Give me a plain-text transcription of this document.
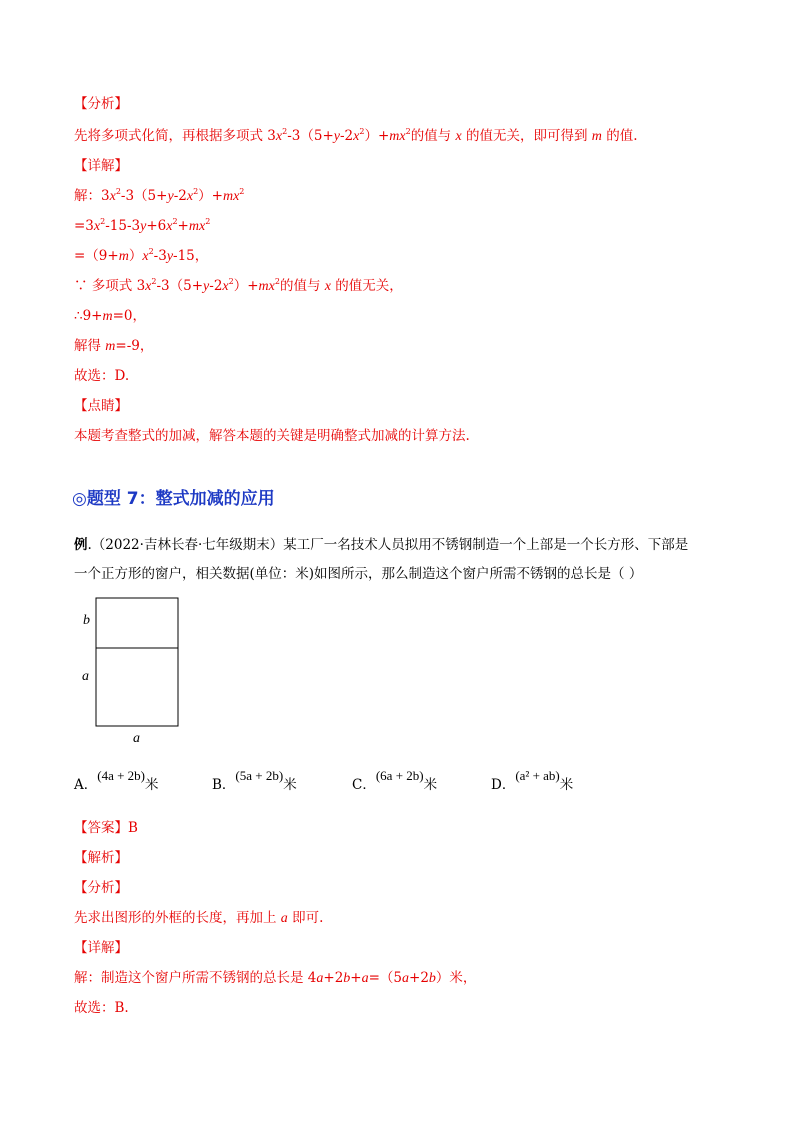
【分析】
先将多项式化简，再根据多项式 $3x^2-3(5+y-2x^2)+mx^2$的值与 x 的值无关，即可得到 m 的值.
【详解】
解：$3x^2-3(5+y-2x^2)+mx^2$
$=3x^2-15-3y+6x^2+mx^2$
$=(9+m)x^2-3y-15$，
∵ 多项式 $3x^2-3(5+y-2x^2)+mx^2$的值与 x 的值无关，
∴9+m=0，
解得 m=-9，
故选：D.
【点睛】
本题考查整式的加减，解答本题的关键是明确整式加减的计算方法.
◎题型 7：整式加减的应用
例.（2022·吉林长春·七年级期末）某工厂一名技术人员拟用不锈钢制造一个上部是一个长方形、下部是
一个正方形的窗户，相关数据(单位：米)如图所示，那么制造这个窗户所需不锈钢的总长是（ ）
b
a
a
A．(4a + 2b)米	B．(5a + 2b)米	C．(6a + 2b)米	D．(a² + ab)米
【答案】B
【解析】
【分析】
先求出图形的外框的长度，再加上 a 即可.
【详解】
解：制造这个窗户所需不锈钢的总长是 4a+2b+a=（5a+2b）米，
故选：B.
